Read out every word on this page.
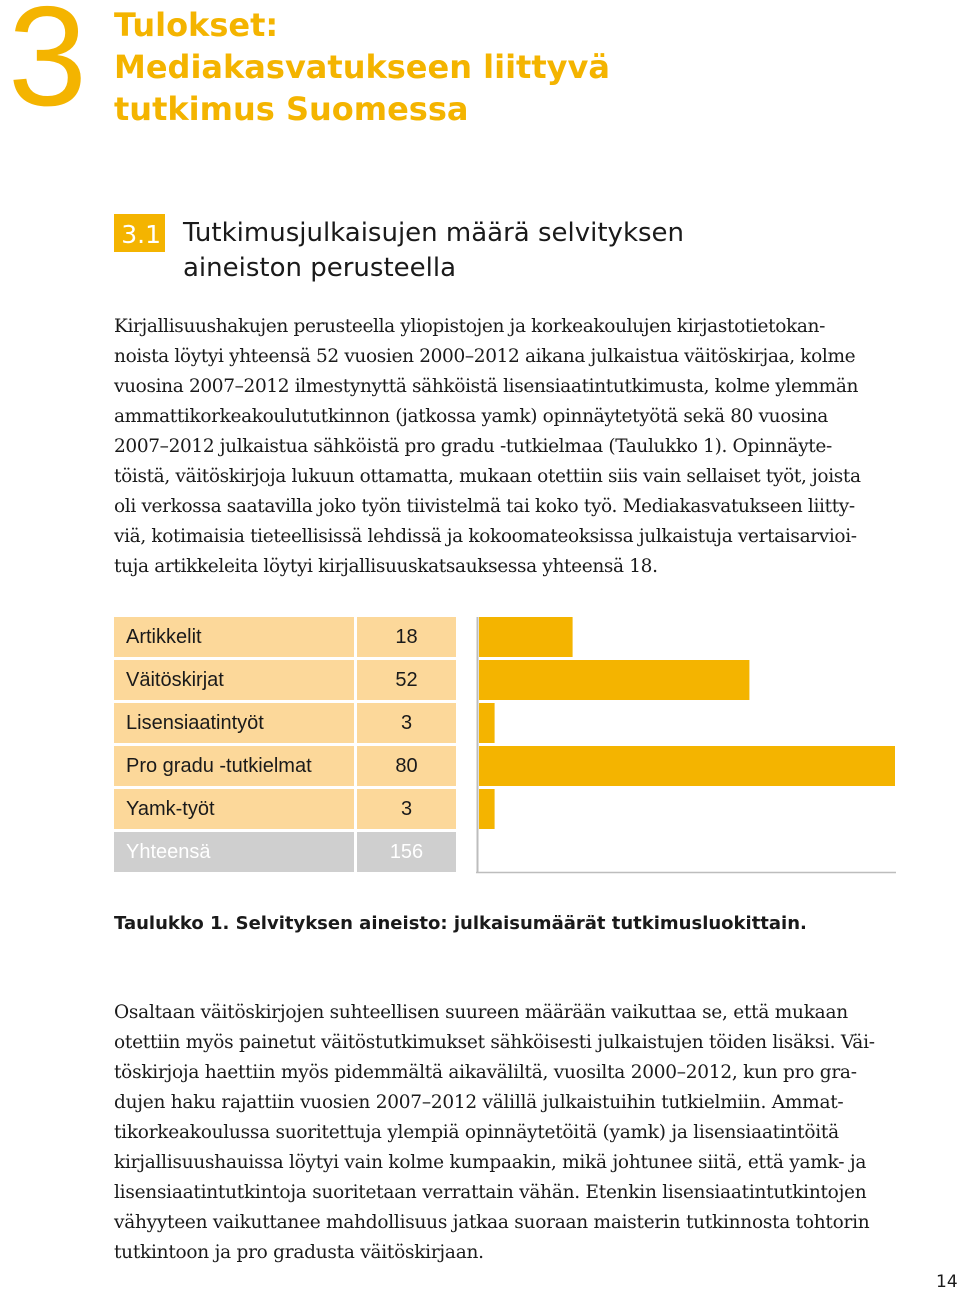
3 Tulokset:
Mediakasvatukseen liittyvä
tutkimus Suomessa
3.1 Tutkimusjulkaisujen määrä selvityksen
aineiston perusteella

Kirjallisuushakujen perusteella yliopistojen ja korkeakoulujen kirjastotietokan-
noista löytyi yhteensä 52 vuosien 2000–2012 aikana julkaistua väitöskirjaa, kolme
vuosina 2007–2012 ilmestynyttä sähköistä lisensiaatintutkimusta, kolme ylemmän
ammattikorkeakoulututkinnon (jatkossa yamk) opinnäytetyötä sekä 80 vuosina
2007–2012 julkaistua sähköistä pro gradu -tutkielmaa (Taulukko 1). Opinnäyte-
töistä, väitöskirjoja lukuun ottamatta, mukaan otettiin siis vain sellaiset työt, joista
oli verkossa saatavilla joko työn tiivistelmä tai koko työ. Mediakasvatukseen liitty-
viä, kotimaisia tieteellisissä lehdissä ja kokoomateoksissa julkaistuja vertaisarvioi-
tuja artikkeleita löytyi kirjallisuuskatsauksessa yhteensä 18.

Artikkelit	18
Väitöskirjat	52
Lisensiaatintyöt	3
Pro gradu -tutkielmat	80
Yamk-työt	3
Yhteensä	156

Taulukko 1. Selvityksen aineisto: julkaisumäärät tutkimusluokittain.

Osaltaan väitöskirjojen suhteellisen suureen määrään vaikuttaa se, että mukaan
otettiin myös painetut väitöstutkimukset sähköisesti julkaistujen töiden lisäksi. Väi-
töskirjoja haettiin myös pidemmältä aikaväliltä, vuosilta 2000–2012, kun pro gra-
dujen haku rajattiin vuosien 2007–2012 välillä julkaistuihin tutkielmiin. Ammat-
tikorkeakoulussa suoritettuja ylempiä opinnäytetöitä (yamk) ja lisensiaatintöitä
kirjallisuushauissa löytyi vain kolme kumpaakin, mikä johtunee siitä, että yamk- ja
lisensiaatintutkintoja suoritetaan verrattain vähän. Etenkin lisensiaatintutkintojen
vähyyteen vaikuttanee mahdollisuus jatkaa suoraan maisterin tutkinnosta tohtorin
tutkintoon ja pro gradusta väitöskirjaan.

14
